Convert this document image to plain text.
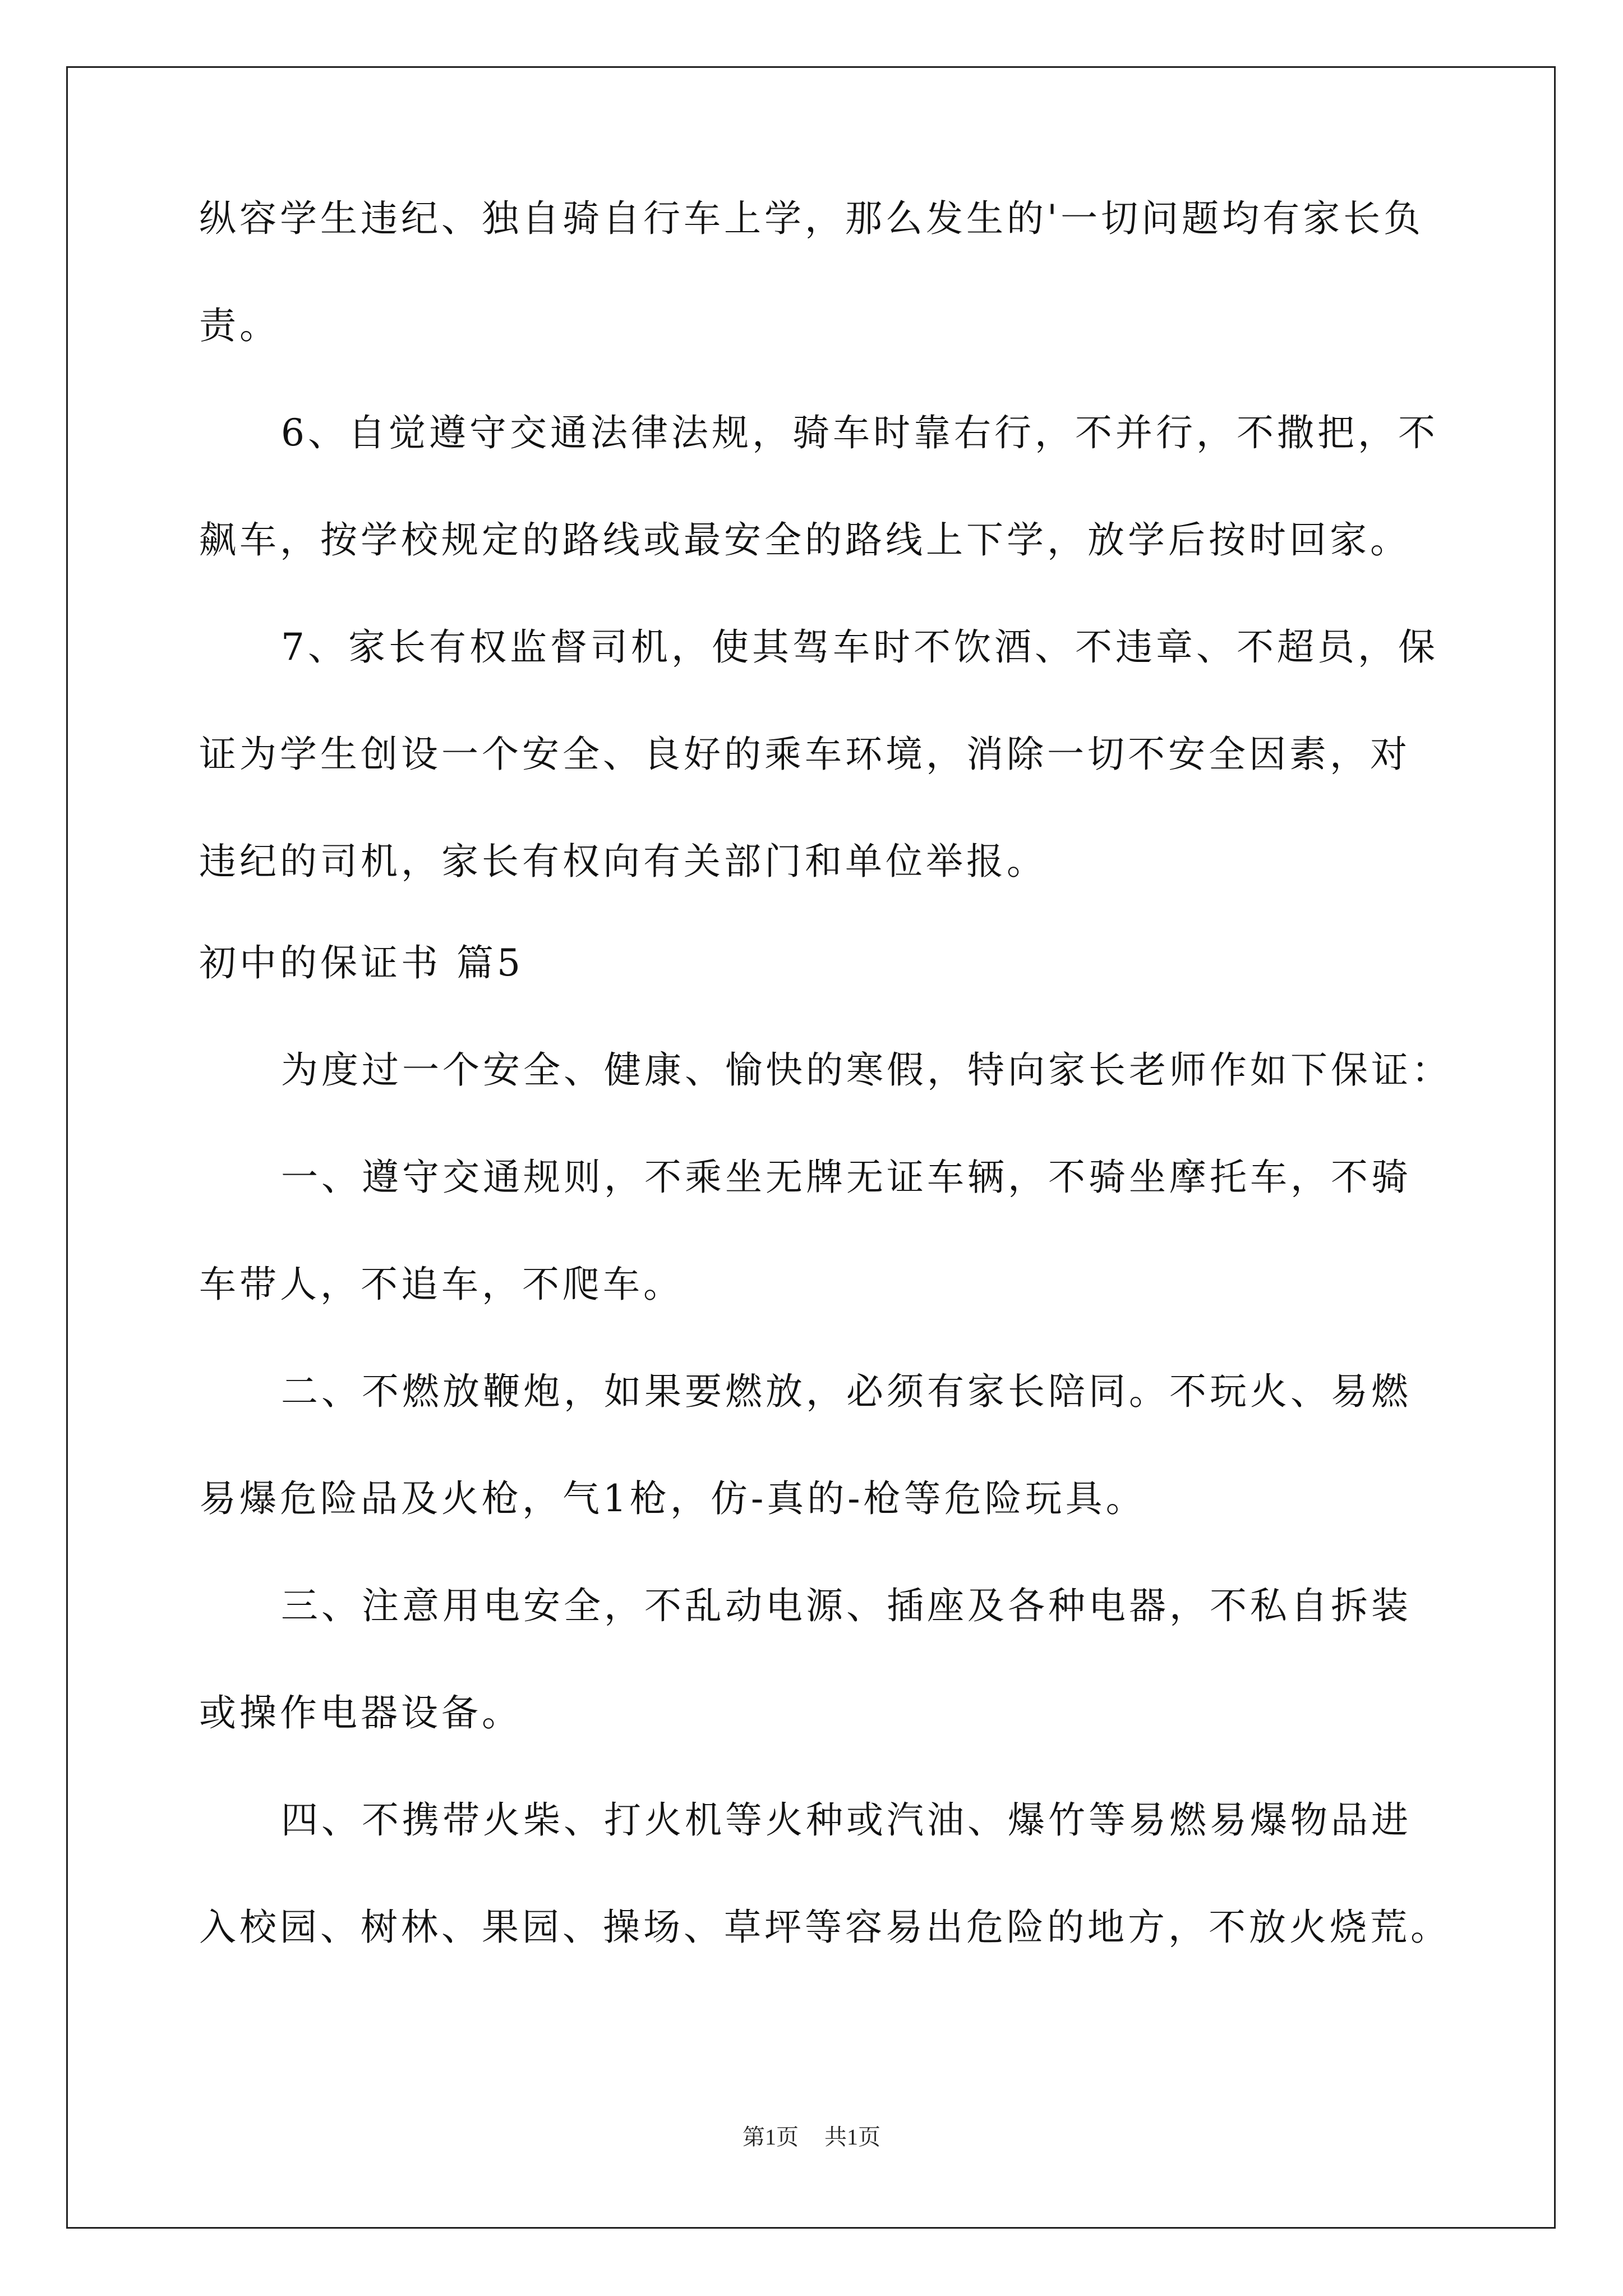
纵容学生违纪、独自骑自行车上学，那么发生的'一切问题均有家长负
责。
6、自觉遵守交通法律法规，骑车时靠右行，不并行，不撒把，不
飙车，按学校规定的路线或最安全的路线上下学，放学后按时回家。
7、家长有权监督司机，使其驾车时不饮酒、不违章、不超员，保
证为学生创设一个安全、良好的乘车环境，消除一切不安全因素，对
违纪的司机，家长有权向有关部门和单位举报。
初中的保证书 篇5
为度过一个安全、健康、愉快的寒假，特向家长老师作如下保证：
一、遵守交通规则，不乘坐无牌无证车辆，不骑坐摩托车，不骑
车带人，不追车，不爬车。
二、不燃放鞭炮，如果要燃放，必须有家长陪同。不玩火、易燃
易爆危险品及火枪，气1枪，仿-真的-枪等危险玩具。
三、注意用电安全，不乱动电源、插座及各种电器，不私自拆装
或操作电器设备。
四、不携带火柴、打火机等火种或汽油、爆竹等易燃易爆物品进
入校园、树林、果园、操场、草坪等容易出危险的地方，不放火烧荒。
第1页 共1页
